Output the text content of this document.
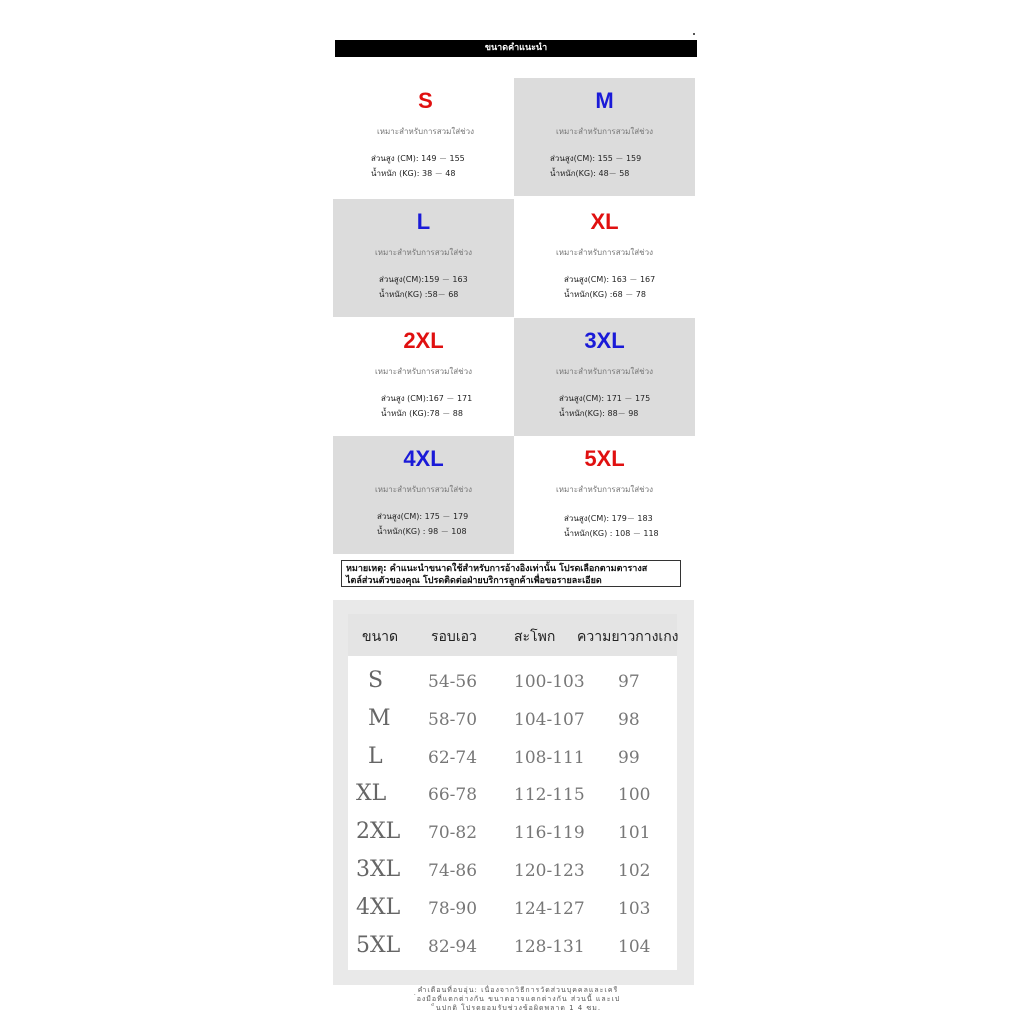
ขนาดคำแนะนำ
S
เหมาะสำหรับการสวมใส่ช่วง
ส่วนสูง (CM): 149 － 155
น้ำหนัก (KG): 38 － 48
M
เหมาะสำหรับการสวมใส่ช่วง
ส่วนสูง(CM): 155 － 159
น้ำหนัก(KG): 48－ 58
L
เหมาะสำหรับการสวมใส่ช่วง
ส่วนสูง(CM):159 － 163
น้ำหนัก(KG) :58－ 68
XL
เหมาะสำหรับการสวมใส่ช่วง
ส่วนสูง(CM): 163 － 167
น้ำหนัก(KG) :68 － 78
2XL
เหมาะสำหรับการสวมใส่ช่วง
ส่วนสูง (CM):167 － 171
น้ำหนัก (KG):78 － 88
3XL
เหมาะสำหรับการสวมใส่ช่วง
ส่วนสูง(CM): 171 － 175
น้ำหนัก(KG): 88－ 98
4XL
เหมาะสำหรับการสวมใส่ช่วง
ส่วนสูง(CM): 175 － 179
น้ำหนัก(KG) : 98 － 108
5XL
เหมาะสำหรับการสวมใส่ช่วง
ส่วนสูง(CM): 179－ 183
น้ำหนัก(KG) : 108 － 118
หมายเหตุ: คำแนะนำขนาดใช้สำหรับการอ้างอิงเท่านั้น โปรดเลือกตามตารางส
ไตล์ส่วนตัวของคุณ โปรดติดต่อฝ่ายบริการลูกค้าเพื่อขอรายละเอียด
ขนาด รอบเอว	สะโพก ความยาวกางเกง
S	54-56 100-103 97
M 58-70 104-107 98
L	62-74 108-111 99
XL 66-78 112-115 100
2XL 70-82 116-119 101
3XL 74-86 120-123 102
4XL 78-90 124-127 103
5XL 82-94 128-131 104
คำเตือนที่อบอุ่น: เนื่องจากวิธีการวัดส่วนบุคคลและเครื
่องมือที่แตกต่างกัน ขนาดอาจแตกต่างกัน ส่วนนี้ และเป
็นปกติ โปรดยอมรับช่วงข้อผิดพลาด 1 4 ซม.
